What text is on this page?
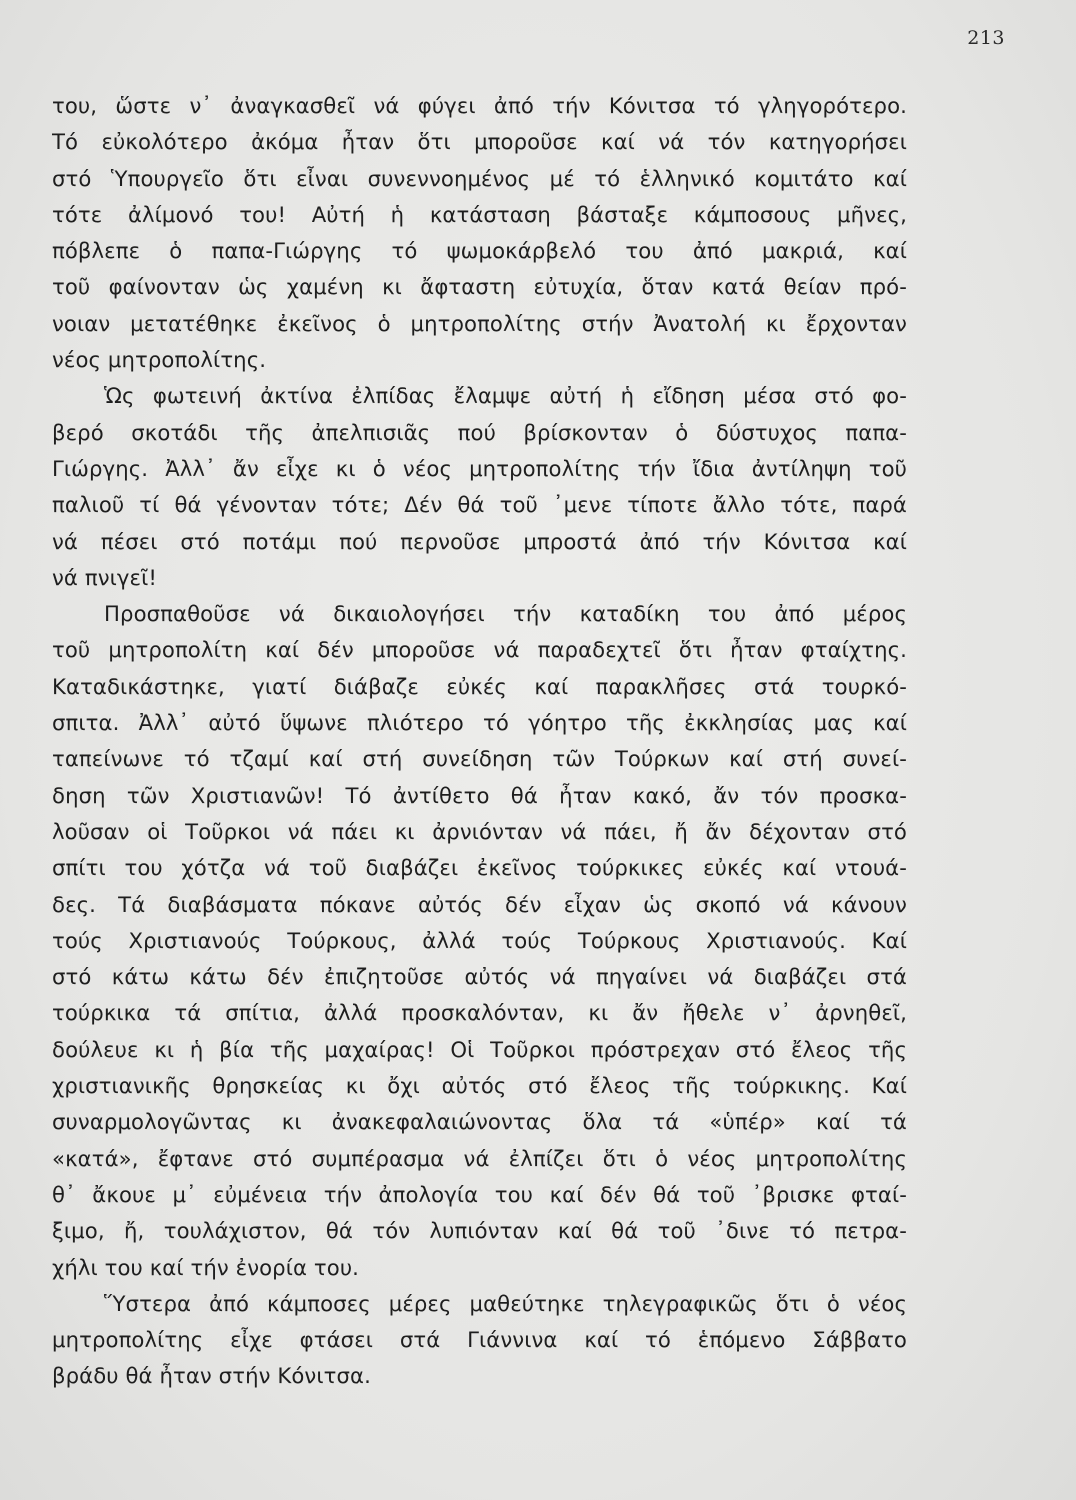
213
του, ὥστε ν᾽ ἀναγκασθεῖ νά φύγει ἀπό τήν Κόνιτσα τό γληγορότερο.
Τό εὐκολότερο ἀκόμα ἦταν ὅτι μποροῦσε καί νά τόν κατηγορήσει
στό Ὑπουργεῖο ὅτι εἶναι συνεννοημένος μέ τό ἑλληνικό κομιτάτο καί
τότε ἀλίμονό του! Αὐτή ἡ κατάσταση βάσταξε κάμποσους μῆνες,
πόβλεπε ὁ παπα-Γιώργης τό ψωμοκάρβελό του ἀπό μακριά, καί
τοῦ φαίνονταν ὡς χαμένη κι ἄφταστη εὐτυχία, ὅταν κατά θείαν πρό-
νοιαν μετατέθηκε ἐκεῖνος ὁ μητροπολίτης στήν Ἀνατολή κι ἔρχονταν
νέος μητροπολίτης.
Ὡς φωτεινή ἀκτίνα ἐλπίδας ἔλαμψε αὐτή ἡ εἴδηση μέσα στό φο-
βερό σκοτάδι τῆς ἀπελπισιᾶς πού βρίσκονταν ὁ δύστυχος παπα-
Γιώργης. Ἀλλ᾽ ἄν εἶχε κι ὁ νέος μητροπολίτης τήν ἴδια ἀντίληψη τοῦ
παλιοῦ τί θά γένονταν τότε; Δέν θά τοῦ ᾽μενε τίποτε ἄλλο τότε, παρά
νά πέσει στό ποτάμι πού περνοῦσε μπροστά ἀπό τήν Κόνιτσα καί
νά πνιγεῖ!
Προσπαθοῦσε νά δικαιολογήσει τήν καταδίκη του ἀπό μέρος
τοῦ μητροπολίτη καί δέν μποροῦσε νά παραδεχτεῖ ὅτι ἦταν φταίχτης.
Καταδικάστηκε, γιατί διάβαζε εὐκές καί παρακλῆσες στά τουρκό-
σπιτα. Ἀλλ᾽ αὐτό ὕψωνε πλιότερο τό γόητρο τῆς ἐκκλησίας μας καί
ταπείνωνε τό τζαμί καί στή συνείδηση τῶν Τούρκων καί στή συνεί-
δηση τῶν Χριστιανῶν! Τό ἀντίθετο θά ἦταν κακό, ἄν τόν προσκα-
λοῦσαν οἱ Τοῦρκοι νά πάει κι ἀρνιόνταν νά πάει, ἤ ἄν δέχονταν στό
σπίτι του χότζα νά τοῦ διαβάζει ἐκεῖνος τούρκικες εὐκές καί ντουά-
δες. Τά διαβάσματα πόκανε αὐτός δέν εἶχαν ὡς σκοπό νά κάνουν
τούς Χριστιανούς Τούρκους, ἀλλά τούς Τούρκους Χριστιανούς. Καί
στό κάτω κάτω δέν ἐπιζητοῦσε αὐτός νά πηγαίνει νά διαβάζει στά
τούρκικα τά σπίτια, ἀλλά προσκαλόνταν, κι ἄν ἤθελε ν᾽ ἀρνηθεῖ,
δούλευε κι ἡ βία τῆς μαχαίρας! Οἱ Τοῦρκοι πρόστρεχαν στό ἔλεος τῆς
χριστιανικῆς θρησκείας κι ὄχι αὐτός στό ἔλεος τῆς τούρκικης. Καί
συναρμολογῶντας κι ἀνακεφαλαιώνοντας ὅλα τά «ὑπέρ» καί τά
«κατά», ἔφτανε στό συμπέρασμα νά ἐλπίζει ὅτι ὁ νέος μητροπολίτης
θ᾽ ἄκουε μ᾽ εὐμένεια τήν ἀπολογία του καί δέν θά τοῦ ᾽βρισκε φταί-
ξιμο, ἤ, τουλάχιστον, θά τόν λυπιόνταν καί θά τοῦ ᾽δινε τό πετρα-
χήλι του καί τήν ἐνορία του.
Ὕστερα ἀπό κάμποσες μέρες μαθεύτηκε τηλεγραφικῶς ὅτι ὁ νέος
μητροπολίτης εἶχε φτάσει στά Γιάννινα καί τό ἑπόμενο Σάββατο
βράδυ θά ἦταν στήν Κόνιτσα.
